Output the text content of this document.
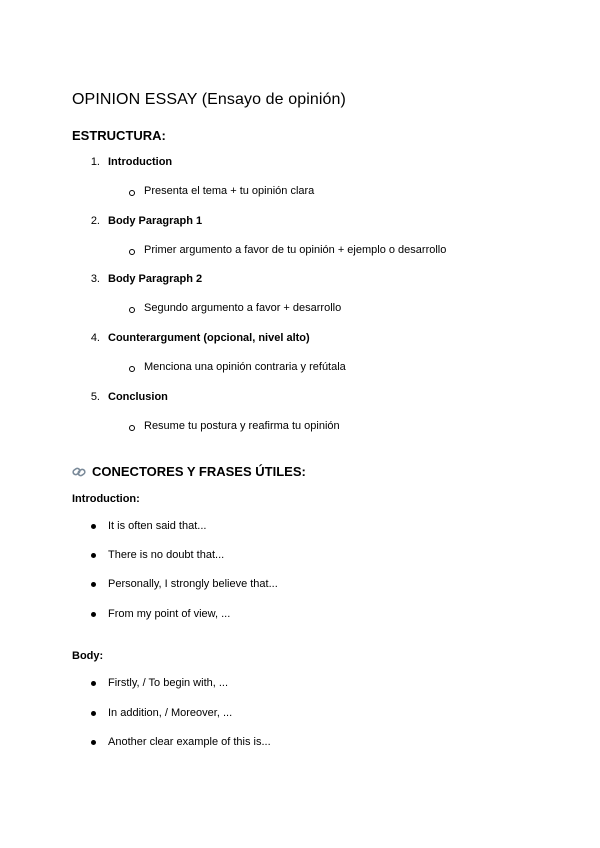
OPINION ESSAY (Ensayo de opinión)
ESTRUCTURA:
1. Introduction
Presenta el tema + tu opinión clara
2. Body Paragraph 1
Primer argumento a favor de tu opinión + ejemplo o desarrollo
3. Body Paragraph 2
Segundo argumento a favor + desarrollo
4. Counterargument (opcional, nivel alto)
Menciona una opinión contraria y refútala
5. Conclusion
Resume tu postura y reafirma tu opinión
CONECTORES Y FRASES ÚTILES:
Introduction:
It is often said that...
There is no doubt that...
Personally, I strongly believe that...
From my point of view, ...
Body:
Firstly, / To begin with, ...
In addition, / Moreover, ...
Another clear example of this is...
